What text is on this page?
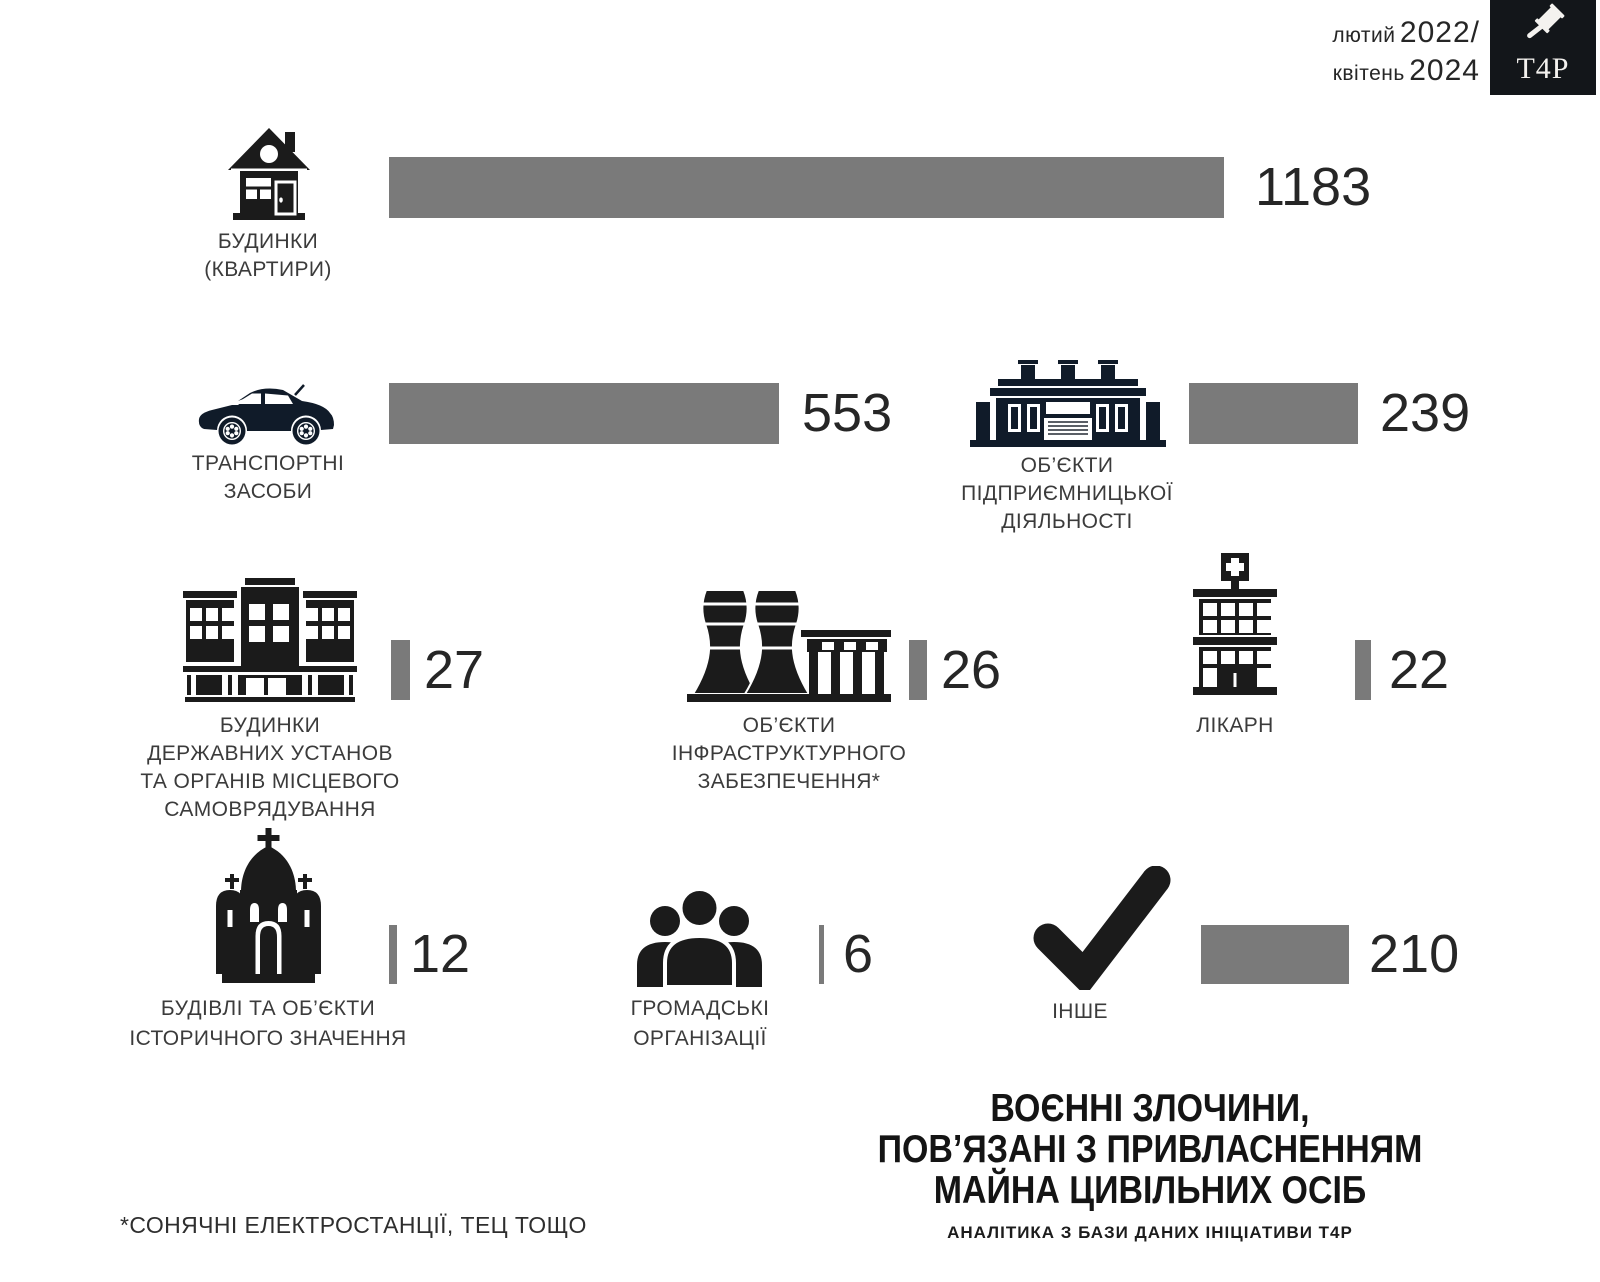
лютий 2022/
квітень 2024 T4P
БУДИНКИ
(КВАРТИРИ)
1183
ТРАНСПОРТНІ
ЗАСОБИ
553
ОБ’ЄКТИ
ПІДПРИЄМНИЦЬКОЇ
ДІЯЛЬНОСТІ
239
БУДИНКИ
ДЕРЖАВНИХ УСТАНОВ
ТА ОРГАНІВ МІСЦЕВОГО
САМОВРЯДУВАННЯ
27
ОБ’ЄКТИ
ІНФРАСТРУКТУРНОГО
ЗАБЕЗПЕЧЕННЯ*
26
ЛІКАРН
22
БУДІВЛІ ТА ОБ’ЄКТИ
ІСТОРИЧНОГО ЗНАЧЕННЯ
12
ГРОМАДСЬКІ
ОРГАНІЗАЦІЇ
6
ІНШЕ
210
*СОНЯЧНІ ЕЛЕКТРОСТАНЦІЇ, ТЕЦ ТОЩО
ВОЄННІ ЗЛОЧИНИ,
ПОВ’ЯЗАНІ З ПРИВЛАСНЕННЯМ
МАЙНА ЦИВІЛЬНИХ ОСІБ
АНАЛІТИКА З БАЗИ ДАНИХ ІНІЦІАТИВИ Т4Р
